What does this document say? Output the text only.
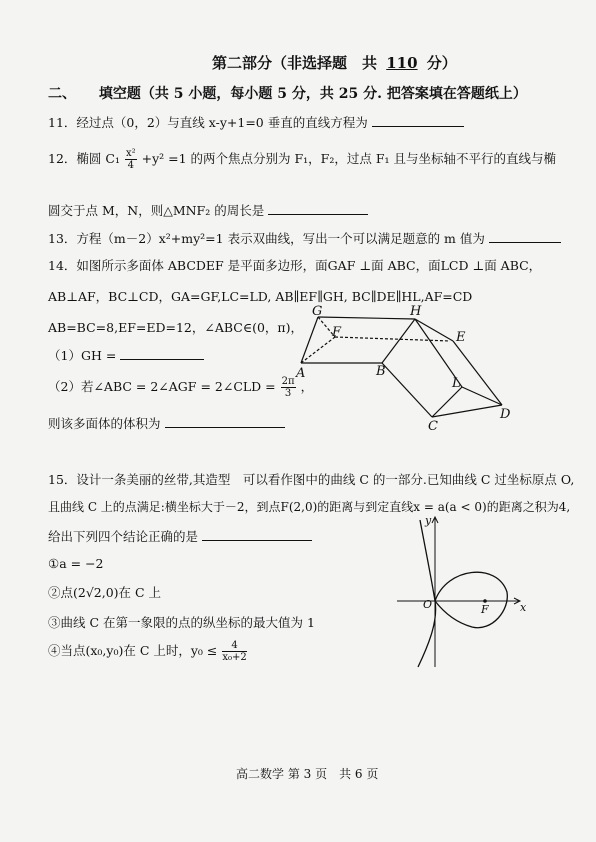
第二部分（非选择题　共 110 分）
二、 填空题（共 5 小题，每小题 5 分，共 25 分. 把答案填在答题纸上）
11．经过点（0，2）与直线 x-y+1=0 垂直的直线方程为
12．椭圆 $C_1 \frac{\text{x²}}{4} +y^2 =1$ 的两个焦点分别为 F₁，F₂，过点 F₁ 且与坐标轴不平行的直线与椭
圆交于点 M，N，则△MNF₂ 的周长是
13．方程（m－2）x²+my²=1 表示双曲线，写出一个可以满足题意的 m 值为
14．如图所示多面体 ABCDEF 是平面多边形，面GAF ⊥面 ABC，面LCD ⊥面 ABC，
AB⊥AF，BC⊥CD，GA=GF,LC=LD, AB∥EF∥GH, BC∥DE∥HL,AF=CD
AB=BC=8,EF=ED=12，∠ABC∈(0，π)，
（1）GH =
（2）若∠ABC = 2∠AGF = 2∠CLD = $\frac{2\pi}{3}$ ，
则该多面体的体积为
G
F
H
E
A	B
L
C
D
15．设计一条美丽的丝带,其造型　可以看作图中的曲线 C 的一部分.已知曲线 C 过坐标原点 O,
且曲线 C 上的点满足:横坐标大于－2，到点F(2,0)的距离与到定直线x = a(a < 0)的距离之积为4,
给出下列四个结论正确的是
①a = −2
②点(2√2,0)在 C 上
③曲线 C 在第一象限的点的纵坐标的最大值为 1
④当点(x₀,y₀)在 C 上时，$y_0 \le \frac{4}{\text{x₀+2}}$
y
x
O	F
高二数学 第 3 页　共 6 页
